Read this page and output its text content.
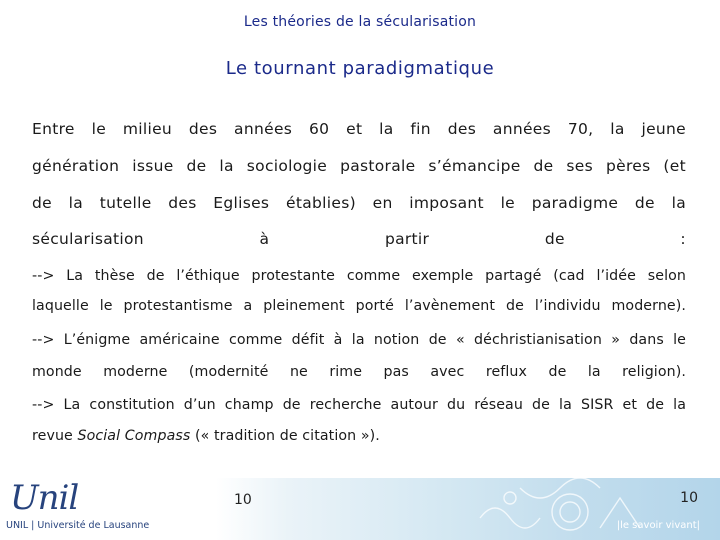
Les théories de la sécularisation
Le tournant paradigmatique
Entre le milieu des années 60 et la fin des années 70, la jeune
génération issue de la sociologie pastorale s’émancipe de ses pères (et
de la tutelle des Eglises établies) en imposant le paradigme de la
sécularisation	à	partir	de	:
--> La thèse de l’éthique protestante comme exemple partagé (cad l’idée selon
laquelle le protestantisme a pleinement porté l’avènement de l’individu moderne).
--> L’énigme américaine comme défit à la notion de « déchristianisation » dans le
monde moderne (modernité ne rime pas avec reflux de la religion).
--> La constitution d’un champ de recherche autour du réseau de la SISR et de la
revue Social Compass (« tradition de citation »).
Unil
UNIL | Université de Lausanne
10	10
|le savoir vivant|
